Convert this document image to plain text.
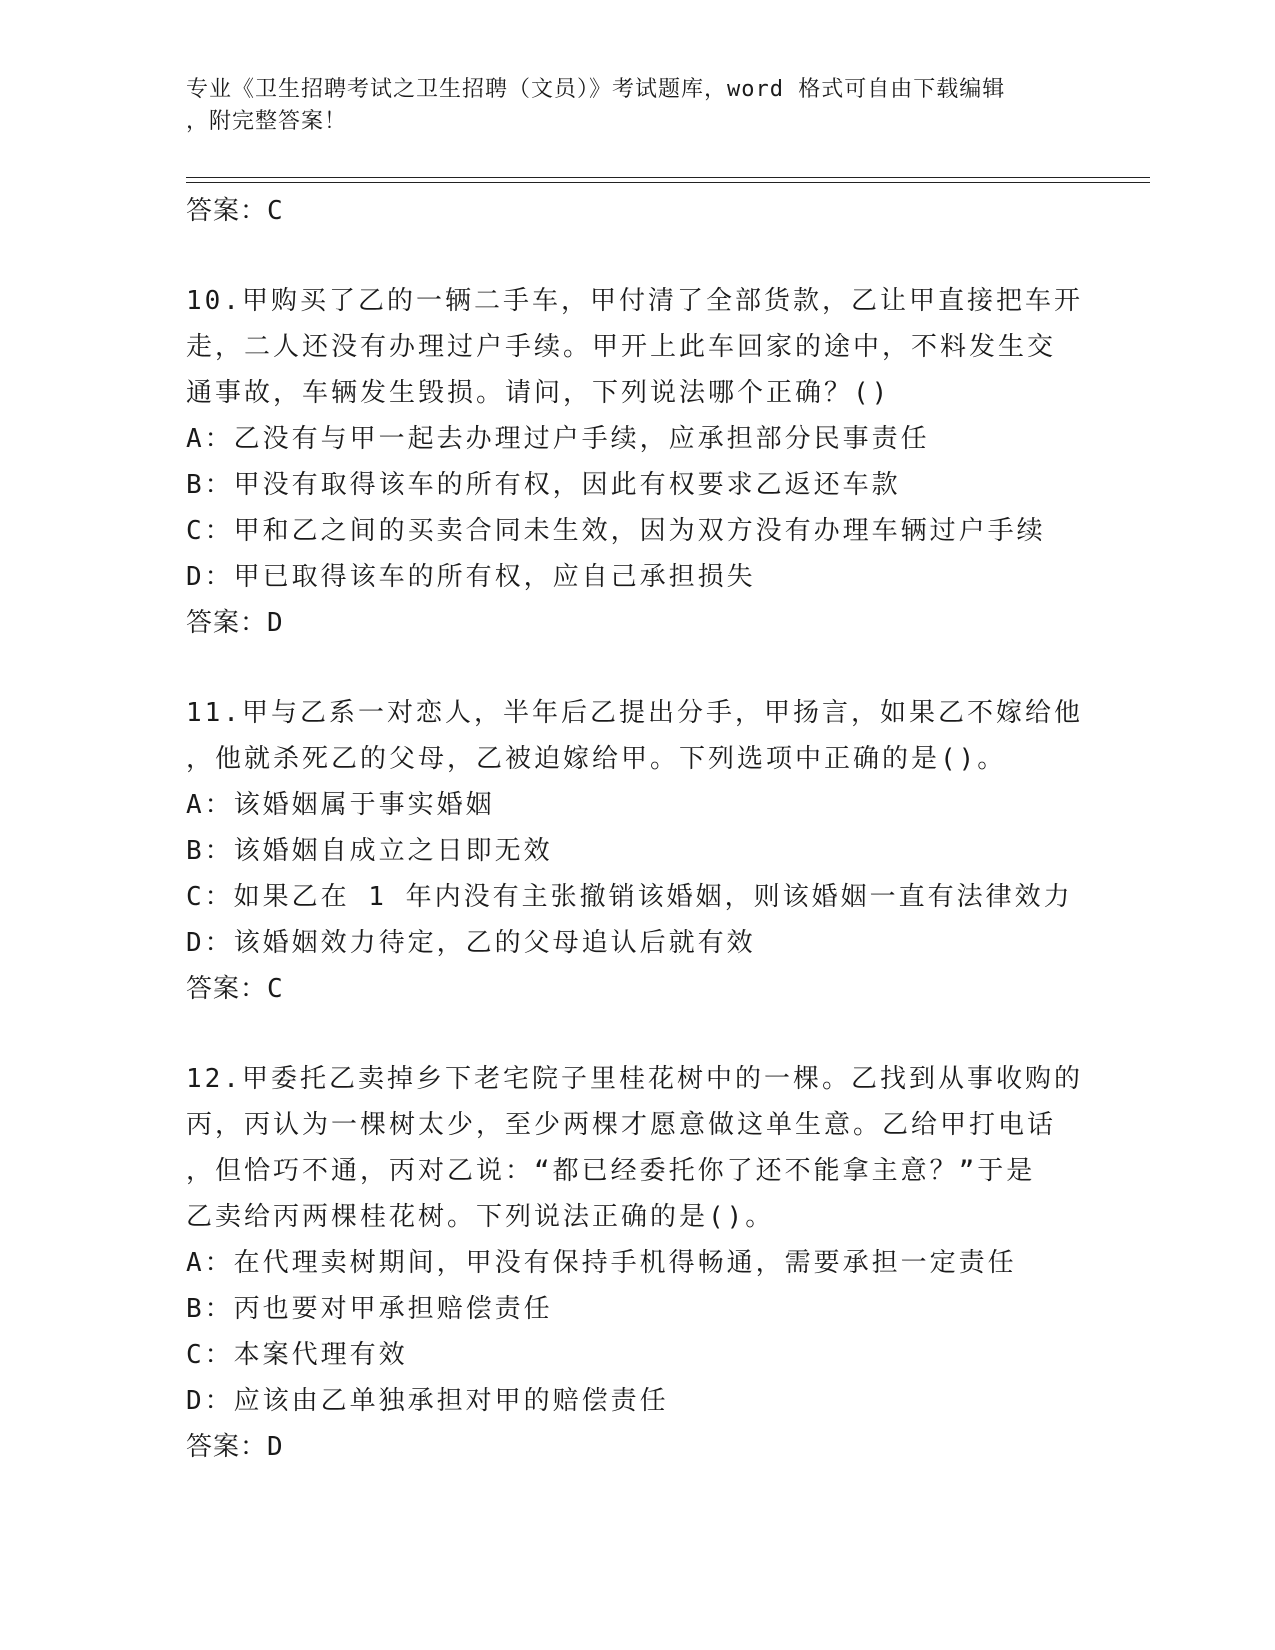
专业《卫生招聘考试之卫生招聘（文员）》考试题库，word 格式可自由下载编辑
，附完整答案！
答案：C
10.甲购买了乙的一辆二手车，甲付清了全部货款，乙让甲直接把车开
走，二人还没有办理过户手续。甲开上此车回家的途中，不料发生交
通事故，车辆发生毁损。请问，下列说法哪个正确？()
A：乙没有与甲一起去办理过户手续，应承担部分民事责任
B：甲没有取得该车的所有权，因此有权要求乙返还车款
C：甲和乙之间的买卖合同未生效，因为双方没有办理车辆过户手续
D：甲已取得该车的所有权，应自己承担损失
答案：D
11.甲与乙系一对恋人，半年后乙提出分手，甲扬言，如果乙不嫁给他
，他就杀死乙的父母，乙被迫嫁给甲。下列选项中正确的是()。
A：该婚姻属于事实婚姻
B：该婚姻自成立之日即无效
C：如果乙在 1 年内没有主张撤销该婚姻，则该婚姻一直有法律效力
D：该婚姻效力待定，乙的父母追认后就有效
答案：C
12.甲委托乙卖掉乡下老宅院子里桂花树中的一棵。乙找到从事收购的
丙，丙认为一棵树太少，至少两棵才愿意做这单生意。乙给甲打电话
，但恰巧不通，丙对乙说：“都已经委托你了还不能拿主意？”于是
乙卖给丙两棵桂花树。下列说法正确的是()。
A：在代理卖树期间，甲没有保持手机得畅通，需要承担一定责任
B：丙也要对甲承担赔偿责任
C：本案代理有效
D：应该由乙单独承担对甲的赔偿责任
答案：D
